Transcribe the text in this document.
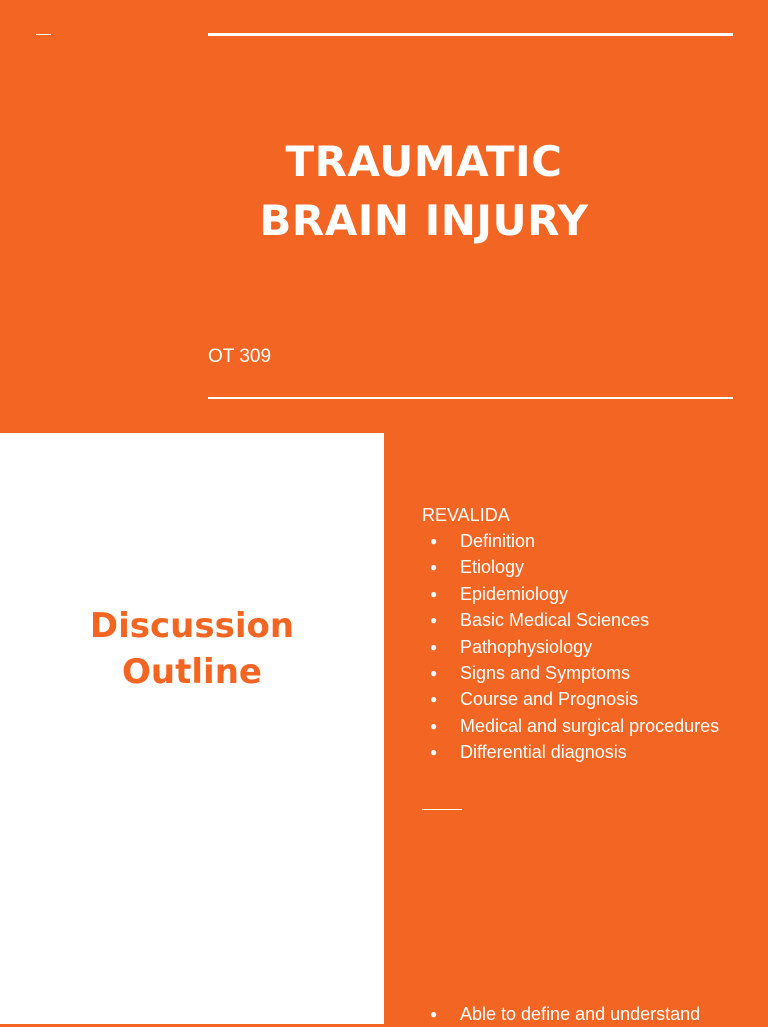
TRAUMATIC
BRAIN INJURY
OT 309
Discussion
Outline
REVALIDA
● Definition
● Etiology
● Epidemiology
● Basic Medical Sciences
● Pathophysiology
● Signs and Symptoms
● Course and Prognosis
● Medical and surgical procedures
● Differential diagnosis
● Able to define and understand
